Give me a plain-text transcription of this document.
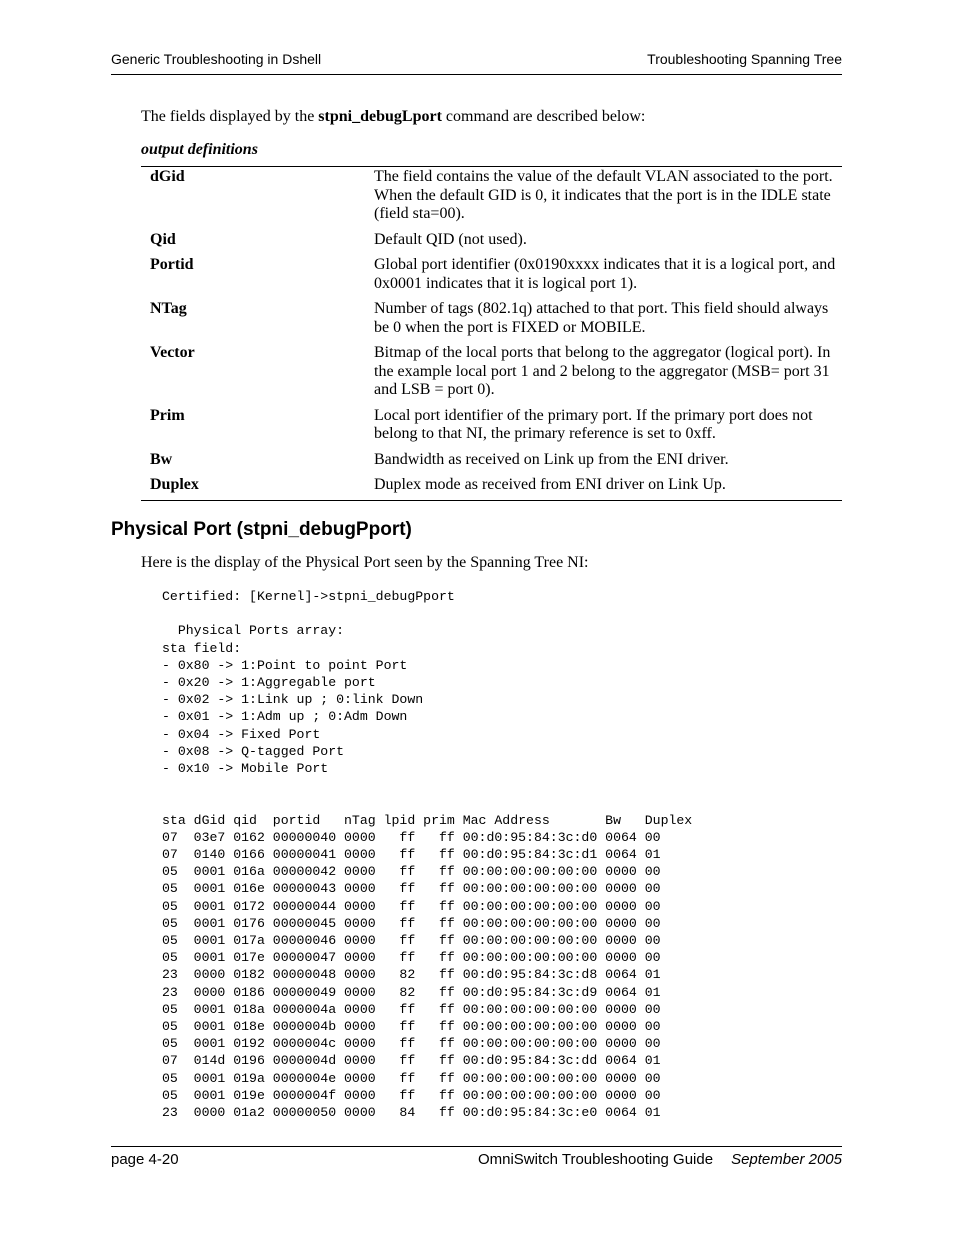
Generic Troubleshooting in Dshell	Troubleshooting Spanning Tree
The fields displayed by the stpni_debugLport command are described below:
output definitions
dGid	The field contains the value of the default VLAN associated to the port. When the default GID is 0, it indicates that the port is in the IDLE state (field sta=00).
Qid	Default QID (not used).
Portid	Global port identifier (0x0190xxxx indicates that it is a logical port, and 0x0001 indicates that it is logical port 1).
NTag	Number of tags (802.1q) attached to that port. This field should always be 0 when the port is FIXED or MOBILE.
Vector	Bitmap of the local ports that belong to the aggregator (logical port). In the example local port 1 and 2 belong to the aggregator (MSB= port 31 and LSB = port 0).
Prim	Local port identifier of the primary port. If the primary port does not belong to that NI, the primary reference is set to 0xff.
Bw	Bandwidth as received on Link up from the ENI driver.
Duplex	Duplex mode as received from ENI driver on Link Up.
Physical Port (stpni_debugPport)
Here is the display of the Physical Port seen by the Spanning Tree NI:
Certified: [Kernel]->stpni_debugPport

Physical Ports array:
sta field:
- 0x80 -> 1:Point to point Port
- 0x20 -> 1:Aggregable port
- 0x02 -> 1:Link up ; 0:link Down
- 0x01 -> 1:Adm up ; 0:Adm Down
- 0x04 -> Fixed Port
- 0x08 -> Q-tagged Port
- 0x10 -> Mobile Port

sta dGid qid  portid   nTag lpid prim Mac Address       Bw   Duplex
07  03e7 0162 00000040 0000   ff   ff 00:d0:95:84:3c:d0 0064 00
07  0140 0166 00000041 0000   ff   ff 00:d0:95:84:3c:d1 0064 01
05  0001 016a 00000042 0000   ff   ff 00:00:00:00:00:00 0000 00
05  0001 016e 00000043 0000   ff   ff 00:00:00:00:00:00 0000 00
05  0001 0172 00000044 0000   ff   ff 00:00:00:00:00:00 0000 00
05  0001 0176 00000045 0000   ff   ff 00:00:00:00:00:00 0000 00
05  0001 017a 00000046 0000   ff   ff 00:00:00:00:00:00 0000 00
05  0001 017e 00000047 0000   ff   ff 00:00:00:00:00:00 0000 00
23  0000 0182 00000048 0000   82   ff 00:d0:95:84:3c:d8 0064 01
23  0000 0186 00000049 0000   82   ff 00:d0:95:84:3c:d9 0064 01
05  0001 018a 0000004a 0000   ff   ff 00:00:00:00:00:00 0000 00
05  0001 018e 0000004b 0000   ff   ff 00:00:00:00:00:00 0000 00
05  0001 0192 0000004c 0000   ff   ff 00:00:00:00:00:00 0000 00
07  014d 0196 0000004d 0000   ff   ff 00:d0:95:84:3c:dd 0064 01
05  0001 019a 0000004e 0000   ff   ff 00:00:00:00:00:00 0000 00
05  0001 019e 0000004f 0000   ff   ff 00:00:00:00:00:00 0000 00
23  0000 01a2 00000050 0000   84   ff 00:d0:95:84:3c:e0 0064 01
page 4-20	OmniSwitch Troubleshooting Guide September 2005
